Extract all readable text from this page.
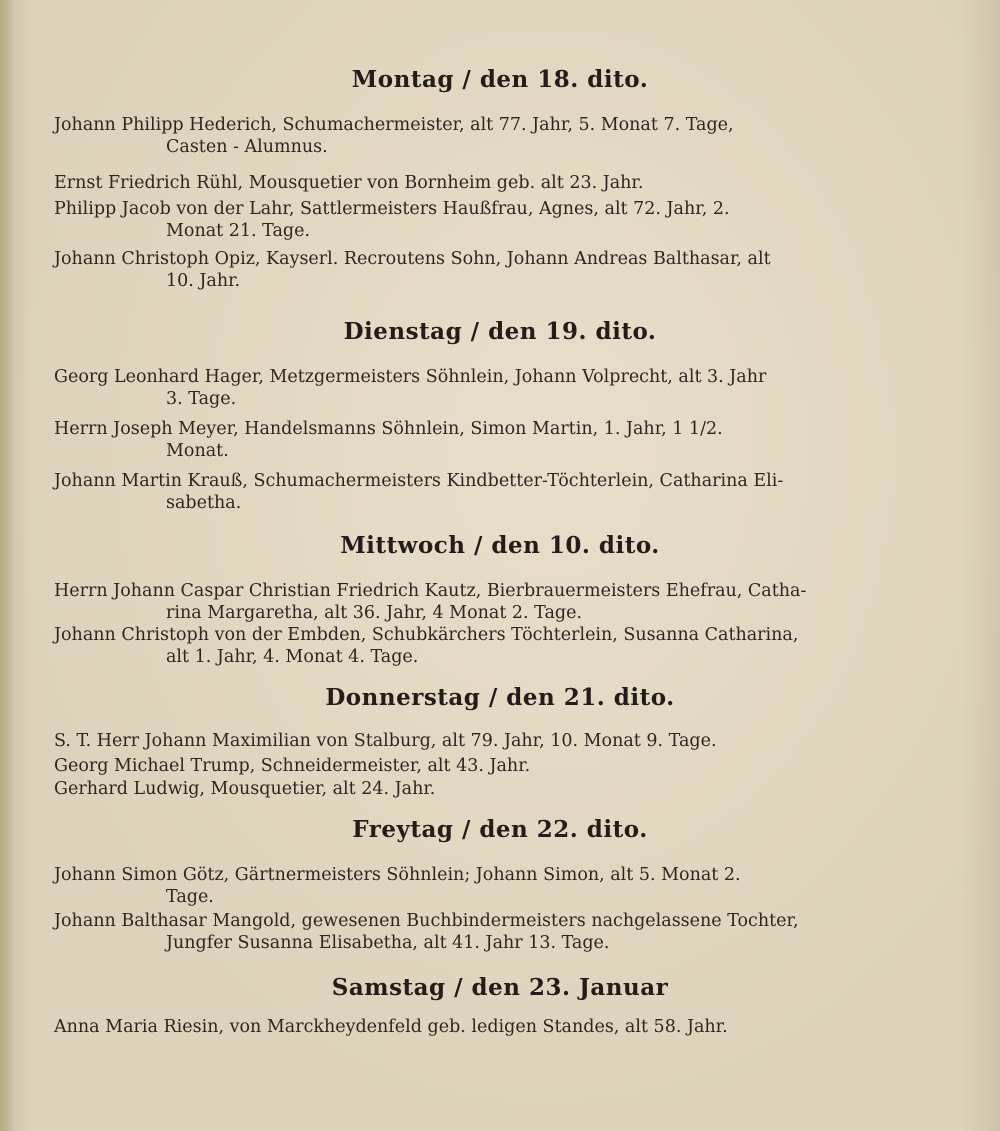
Montag / den 18. dito.
Johann Philipp Hederich, Schumachermeister, alt 77. Jahr, 5. Monat 7. Tage,
Casten - Alumnus.
Ernst Friedrich Rühl, Mousquetier von Bornheim geb. alt 23. Jahr.
Philipp Jacob von der Lahr, Sattlermeisters Haußfrau, Agnes, alt 72. Jahr, 2.
Monat 21. Tage.
Johann Christoph Opiz, Kayserl. Recroutens Sohn, Johann Andreas Balthasar, alt
10. Jahr.
Dienstag / den 19. dito.
Georg Leonhard Hager, Metzgermeisters Söhnlein, Johann Volprecht, alt 3. Jahr
3. Tage.
Herrn Joseph Meyer, Handelsmanns Söhnlein, Simon Martin, 1. Jahr, 1 1/2.
Monat.
Johann Martin Krauß, Schumachermeisters Kindbetter-Töchterlein, Catharina Eli-
sabetha.
Mittwoch / den 10. dito.
Herrn Johann Caspar Christian Friedrich Kautz, Bierbrauermeisters Ehefrau, Catha-
rina Margaretha, alt 36. Jahr, 4 Monat 2. Tage.
Johann Christoph von der Embden, Schubkärchers Töchterlein, Susanna Catharina,
alt 1. Jahr, 4. Monat 4. Tage.
Donnerstag / den 21. dito.
S. T. Herr Johann Maximilian von Stalburg, alt 79. Jahr, 10. Monat 9. Tage.
Georg Michael Trump, Schneidermeister, alt 43. Jahr.
Gerhard Ludwig, Mousquetier, alt 24. Jahr.
Freytag / den 22. dito.
Johann Simon Götz, Gärtnermeisters Söhnlein; Johann Simon, alt 5. Monat 2.
Tage.
Johann Balthasar Mangold, gewesenen Buchbindermeisters nachgelassene Tochter,
Jungfer Susanna Elisabetha, alt 41. Jahr 13. Tage.
Samstag / den 23. Januar
Anna Maria Riesin, von Marckheydenfeld geb. ledigen Standes, alt 58. Jahr.
